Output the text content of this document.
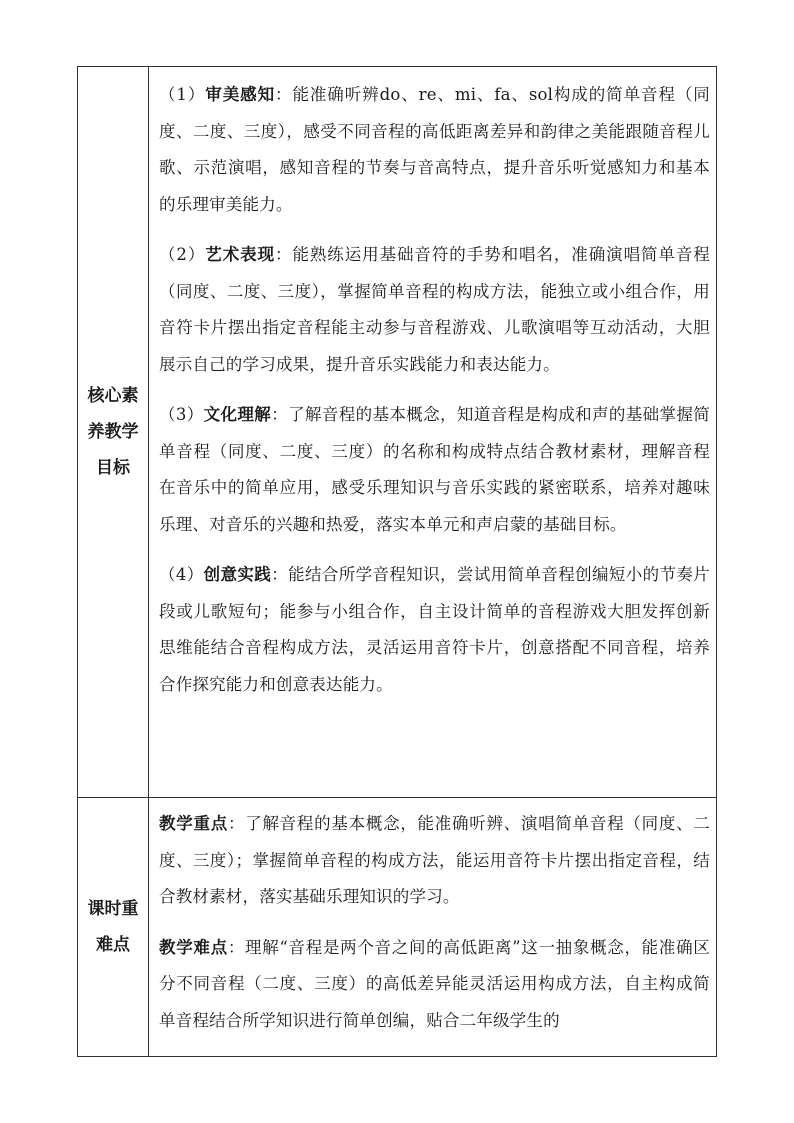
核心素养教学目标	（1）审美感知：能准确听辨do、re、mi、fa、sol构成的简单音程（同度、二度、三度），感受不同音程的高低距离差异和韵律之美能跟随音程儿歌、示范演唱，感知音程的节奏与音高特点，提升音乐听觉感知力和基本的乐理审美能力。

（2）艺术表现：能熟练运用基础音符的手势和唱名，准确演唱简单音程（同度、二度、三度），掌握简单音程的构成方法，能独立或小组合作，用音符卡片摆出指定音程能主动参与音程游戏、儿歌演唱等互动活动，大胆展示自己的学习成果，提升音乐实践能力和表达能力。

（3）文化理解：了解音程的基本概念，知道音程是构成和声的基础掌握简单音程（同度、二度、三度）的名称和构成特点结合教材素材，理解音程在音乐中的简单应用，感受乐理知识与音乐实践的紧密联系，培养对趣味乐理、对音乐的兴趣和热爱，落实本单元和声启蒙的基础目标。

（4）创意实践：能结合所学音程知识，尝试用简单音程创编短小的节奏片段或儿歌短句；能参与小组合作，自主设计简单的音程游戏大胆发挥创新思维能结合音程构成方法，灵活运用音符卡片，创意搭配不同音程，培养合作探究能力和创意表达能力。

课时重难点	教学重点：了解音程的基本概念，能准确听辨、演唱简单音程（同度、二度、三度）；掌握简单音程的构成方法，能运用音符卡片摆出指定音程，结合教材素材，落实基础乐理知识的学习。

教学难点：理解“音程是两个音之间的高低距离”这一抽象概念，能准确区分不同音程（二度、三度）的高低差异能灵活运用构成方法，自主构成简单音程结合所学知识进行简单创编，贴合二年级学生的
